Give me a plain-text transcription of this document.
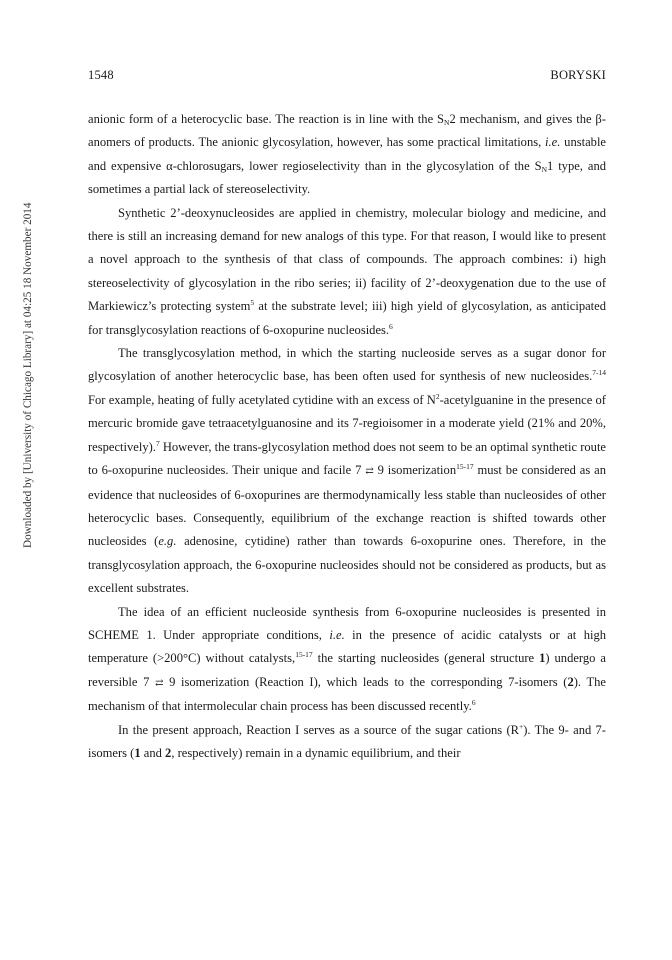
1548	BORYSKI
Downloaded by [University of Chicago Library] at 04:25 18 November 2014

anionic form of a heterocyclic base. The reaction is in line with the $S_N2$ mechanism, and gives the β-anomers of products. The anionic glycosylation, however, has some practical limitations, i.e. unstable and expensive α-chlorosugars, lower regioselectivity than in the glycosylation of the $S_N1$ type, and sometimes a partial lack of stereoselectivity.

Synthetic 2’-deoxynucleosides are applied in chemistry, molecular biology and medicine, and there is still an increasing demand for new analogs of this type. For that reason, I would like to present a novel approach to the synthesis of that class of compounds. The approach combines: i) high stereoselectivity of glycosylation in the ribo series; ii) facility of 2’-deoxygenation due to the use of Markiewicz’s protecting system$^5$ at the substrate level; iii) high yield of glycosylation, as anticipated for transglycosylation reactions of 6-oxopurine nucleosides.$^6$

The transglycosylation method, in which the starting nucleoside serves as a sugar donor for glycosylation of another heterocyclic base, has been often used for synthesis of new nucleosides.$^{7-14}$ For example, heating of fully acetylated cytidine with an excess of $N^2$-acetylguanine in the presence of mercuric bromide gave tetraacetylguanosine and its 7-regioisomer in a moderate yield (21% and 20%, respectively).$^7$ However, the trans-glycosylation method does not seem to be an optimal synthetic route to 6-oxopurine nucleosides. Their unique and facile 7 ⇄ 9 isomerization$^{15-17}$ must be considered as an evidence that nucleosides of 6-oxopurines are thermodynamically less stable than nucleosides of other heterocyclic bases. Consequently, equilibrium of the exchange reaction is shifted towards other nucleosides (e.g. adenosine, cytidine) rather than towards 6-oxopurine ones. Therefore, in the transglycosylation approach, the 6-oxopurine nucleosides should not be considered as products, but as excellent substrates.

The idea of an efficient nucleoside synthesis from 6-oxopurine nucleosides is presented in SCHEME 1. Under appropriate conditions, i.e. in the presence of acidic catalysts or at high temperature (>200°C) without catalysts,$^{15-17}$ the starting nucleosides (general structure 1) undergo a reversible 7 ⇄ 9 isomerization (Reaction I), which leads to the corresponding 7-isomers (2). The mechanism of that intermolecular chain process has been discussed recently.$^6$

In the present approach, Reaction I serves as a source of the sugar cations (R+). The 9- and 7-isomers (1 and 2, respectively) remain in a dynamic equilibrium, and their
